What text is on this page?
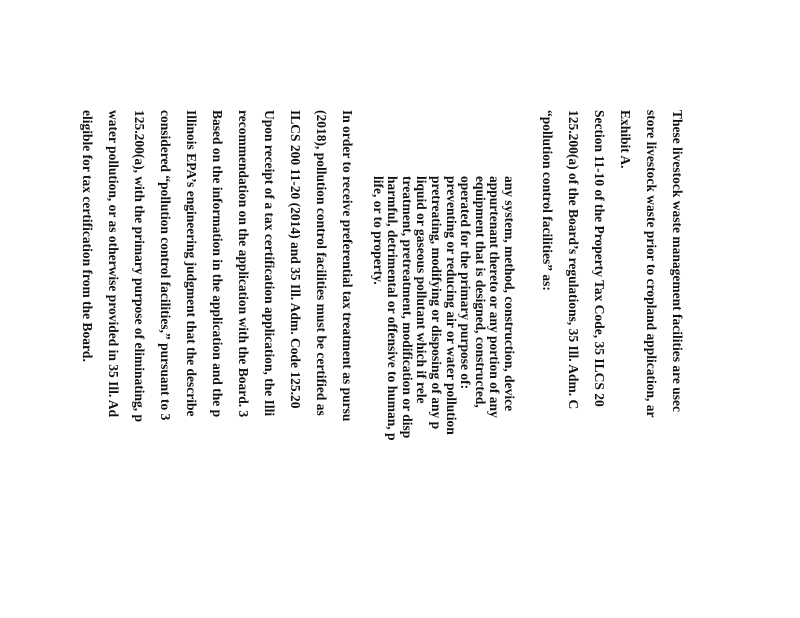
These livestock waste management facilities are usec
store livestock waste prior to cropland application, ar
Exhibit A.
Section 11-10 of the Property Tax Code, 35 ILCS 20
125.200(a) of the Board’s regulations, 35 Ill. Adm. C
“pollution control facilities” as:
any system, method, construction, device
appurtenant thereto or any portion of any
equipment that is designed, constructed,
operated for the primary purpose of:
preventing or reducing air or water pollution
pretreating, modifying or disposing of any p
liquid or gaseous pollutant which if rele
treatment, pretreatment, modification or disp
harmful, detrimental or offensive to human, p
life, or to property.
In order to receive preferential tax treatment as pursu
(2018), pollution control facilities must be certified as
ILCS 200 11-20 (2014) and 35 Ill. Adm. Code 125.20
Upon receipt of a tax certification application, the Illi
recommendation on the application with the Board. 3
Based on the information in the application and the p
Illinois EPA’s engineering judgment that the describe
considered “pollution control facilities,” pursuant to 3
125.200(a), with the primary purpose of eliminating, p
water pollution, or as otherwise provided in 35 Ill. Ad
eligible for tax certification from the Board.
